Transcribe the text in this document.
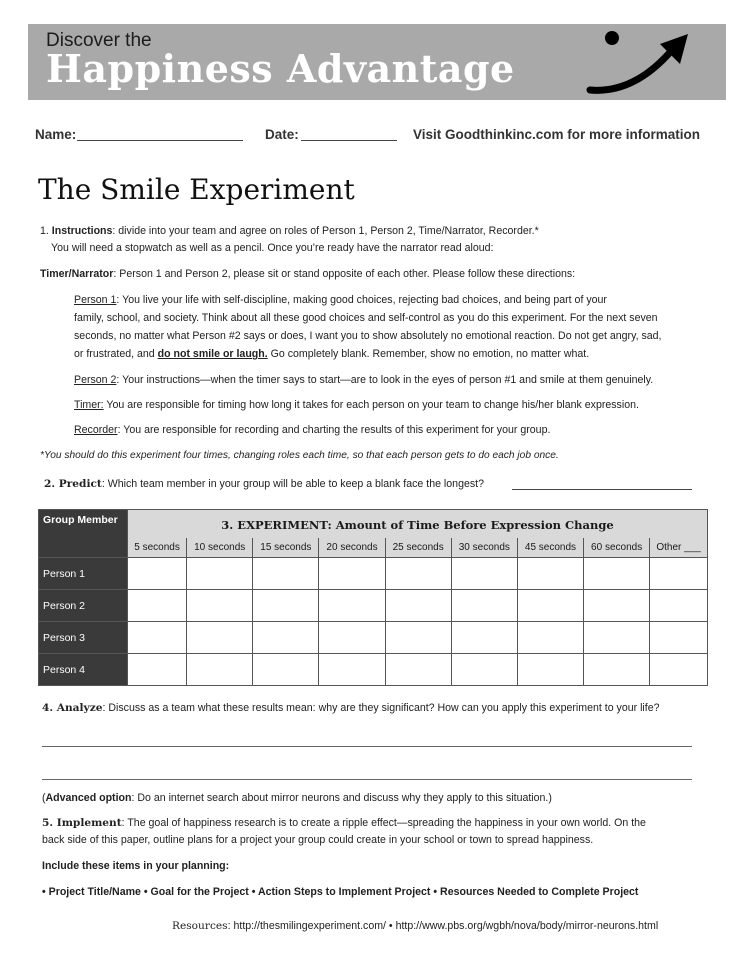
Discover the
Happiness Advantage
Name:	Date:	Visit Goodthinkinc.com for more information
The Smile Experiment
1. Instructions: divide into your team and agree on roles of Person 1, Person 2, Time/Narrator, Recorder.*
You will need a stopwatch as well as a pencil. Once you’re ready have the narrator read aloud:
Timer/Narrator: Person 1 and Person 2, please sit or stand opposite of each other. Please follow these directions:
Person 1: You live your life with self-discipline, making good choices, rejecting bad choices, and being part of your
family, school, and society. Think about all these good choices and self-control as you do this experiment. For the next seven
seconds, no matter what Person #2 says or does, I want you to show absolutely no emotional reaction. Do not get angry, sad,
or frustrated, and do not smile or laugh. Go completely blank. Remember, show no emotion, no matter what.
Person 2: Your instructions—when the timer says to start—are to look in the eyes of person #1 and smile at them genuinely.
Timer: You are responsible for timing how long it takes for each person on your team to change his/her blank expression.
Recorder: You are responsible for recording and charting the results of this experiment for your group.
*You should do this experiment four times, changing roles each time, so that each person gets to do each job once.
2. Predict: Which team member in your group will be able to keep a blank face the longest?
Group Member	3. EXPERIMENT: Amount of Time Before Expression Change								
	5 seconds	10 seconds	15 seconds	20 seconds	25 seconds	30 seconds	45 seconds	60 seconds	Other ___
Person 1									
Person 2									
Person 3									
Person 4									
4. Analyze: Discuss as a team what these results mean: why are they significant? How can you apply this experiment to your life?
(Advanced option: Do an internet search about mirror neurons and discuss why they apply to this situation.)
5. Implement: The goal of happiness research is to create a ripple effect—spreading the happiness in your own world. On the
back side of this paper, outline plans for a project your group could create in your school or town to spread happiness.
Include these items in your planning:
• Project Title/Name • Goal for the Project • Action Steps to Implement Project • Resources Needed to Complete Project
Resources: http://thesmilingexperiment.com/ • http://www.pbs.org/wgbh/nova/body/mirror-neurons.html
